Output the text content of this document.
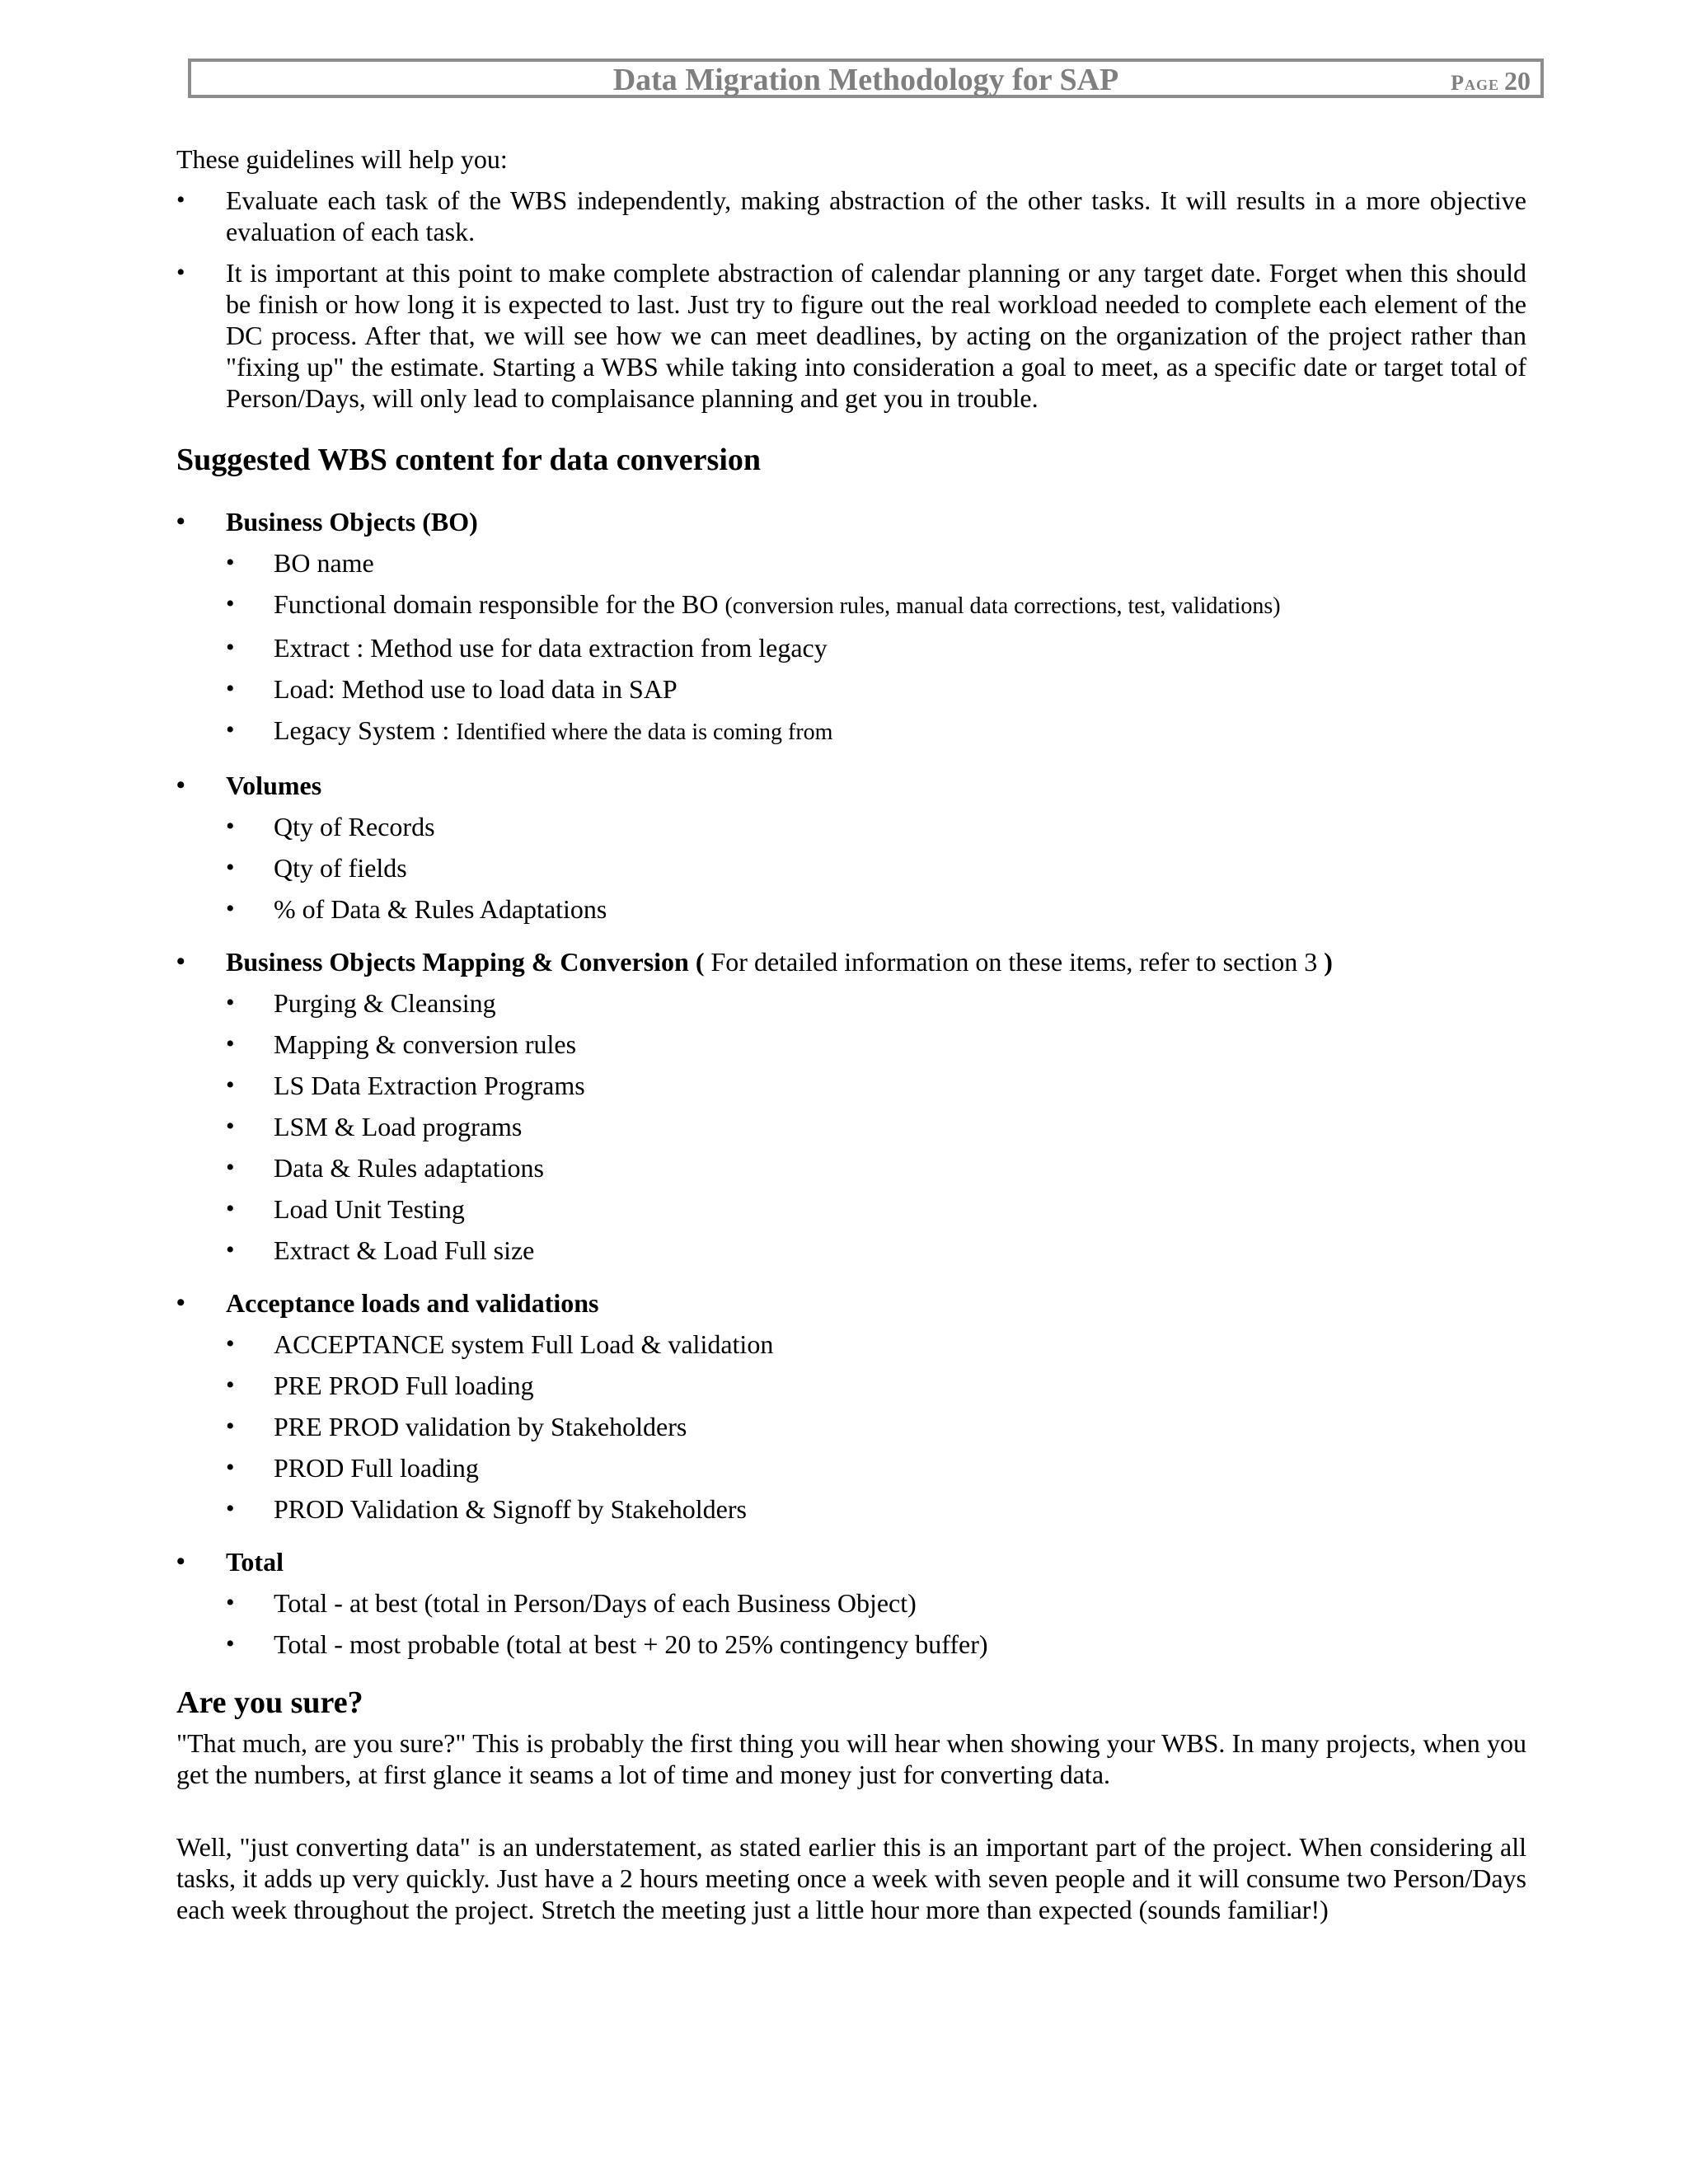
Data Migration Methodology for SAP	Page 20

These guidelines will help you:

• Evaluate each task of the WBS independently, making abstraction of the other tasks. It will results in a more objective evaluation of each task.
• It is important at this point to make complete abstraction of calendar planning or any target date. Forget when this should be finish or how long it is expected to last. Just try to figure out the real workload needed to complete each element of the DC process. After that, we will see how we can meet deadlines, by acting on the organization of the project rather than "fixing up" the estimate. Starting a WBS while taking into consideration a goal to meet, as a specific date or target total of Person/Days, will only lead to complaisance planning and get you in trouble.
Suggested WBS content for data conversion
• Business Objects (BO)
• BO name
• Functional domain responsible for the BO (conversion rules, manual data corrections, test, validations)
• Extract : Method use for data extraction from legacy
• Load: Method use to load data in SAP
• Legacy System : Identified where the data is coming from
• Volumes
• Qty of Records
• Qty of fields
• % of Data & Rules Adaptations
• Business Objects Mapping & Conversion ( For detailed information on these items, refer to section 3 )
• Purging & Cleansing
• Mapping & conversion rules
• LS Data Extraction Programs
• LSM & Load programs
• Data & Rules adaptations
• Load Unit Testing
• Extract & Load Full size
• Acceptance loads and validations
• ACCEPTANCE system Full Load & validation
• PRE PROD Full loading
• PRE PROD validation by Stakeholders
• PROD Full loading
• PROD Validation & Signoff by Stakeholders
• Total
• Total - at best (total in Person/Days of each Business Object)
• Total - most probable (total at best + 20 to 25% contingency buffer)
Are you sure?

"That much, are you sure?" This is probably the first thing you will hear when showing your WBS. In many projects, when you get the numbers, at first glance it seams a lot of time and money just for converting data.

Well, "just converting data" is an understatement, as stated earlier this is an important part of the project. When considering all tasks, it adds up very quickly. Just have a 2 hours meeting once a week with seven people and it will consume two Person/Days each week throughout the project. Stretch the meeting just a little hour more than expected (sounds familiar!)
